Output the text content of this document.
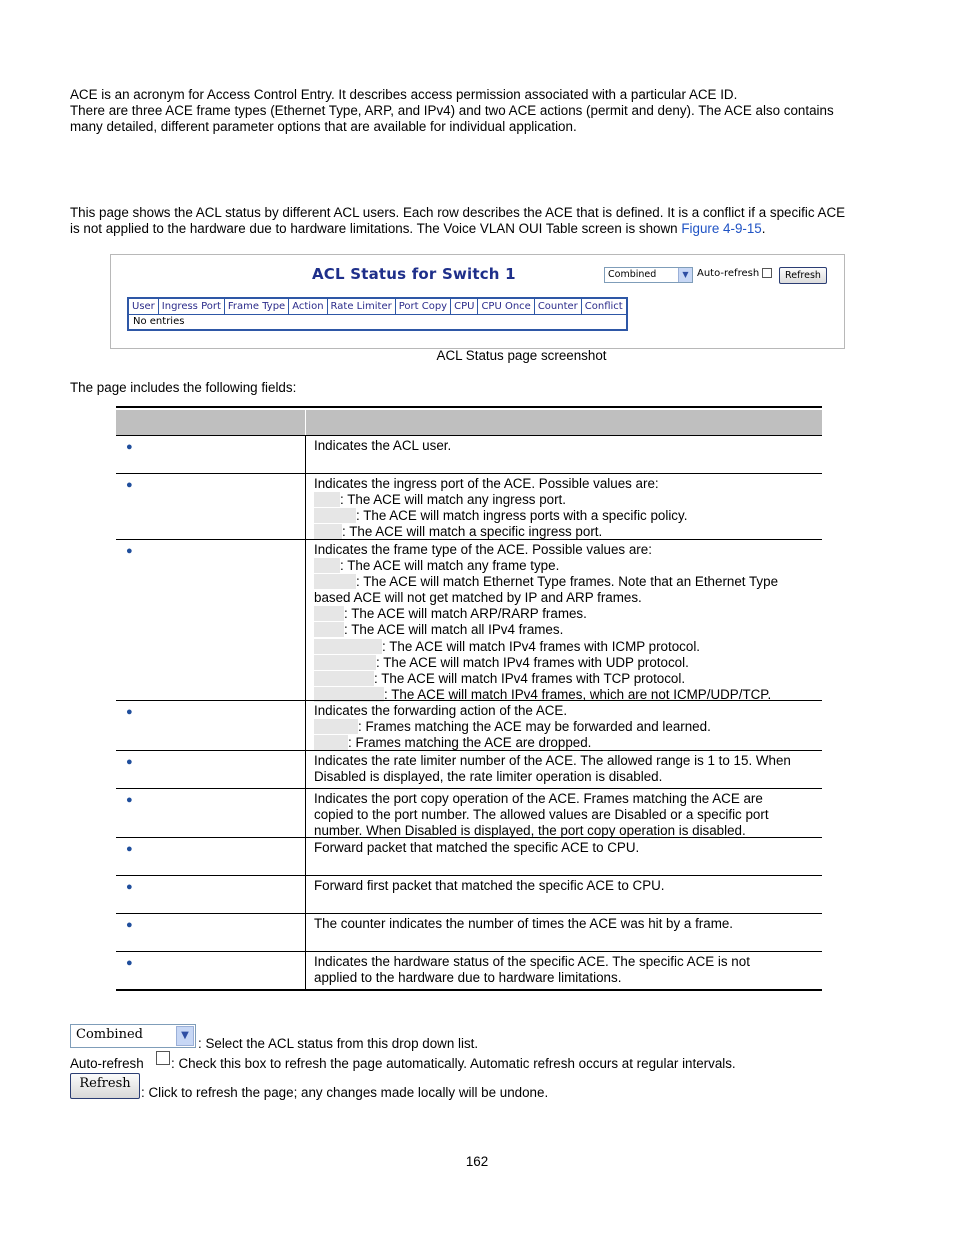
ACE is an acronym for Access Control Entry. It describes access permission associated with a particular ACE ID.
There are three ACE frame types (Ethernet Type, ARP, and IPv4) and two ACE actions (permit and deny). The ACE also contains
many detailed, different parameter options that are available for individual application.
This page shows the ACL status by different ACL users. Each row describes the ACE that is defined. It is a conflict if a specific ACE
is not applied to the hardware due to hardware limitations. The Voice VLAN OUI Table screen is shown Figure 4-9-15.
ACL Status for Switch 1	Combined	▼ Auto-refresh	Refresh
User	Ingress Port	Frame Type	Action	Rate Limiter	Port Copy	CPU	CPU Once	Counter	Conflict
No entries
ACL Status page screenshot
The page includes the following fields:
●	Indicates the ACL user.
●	Indicates the ingress port of the ACE. Possible values are:
: The ACE will match any ingress port.
: The ACE will match ingress ports with a specific policy.
: The ACE will match a specific ingress port.
●	Indicates the frame type of the ACE. Possible values are:
: The ACE will match any frame type.
: The ACE will match Ethernet Type frames. Note that an Ethernet Type
based ACE will not get matched by IP and ARP frames.
: The ACE will match ARP/RARP frames.
: The ACE will match all IPv4 frames.
: The ACE will match IPv4 frames with ICMP protocol.
: The ACE will match IPv4 frames with UDP protocol.
: The ACE will match IPv4 frames with TCP protocol.
: The ACE will match IPv4 frames, which are not ICMP/UDP/TCP.
●	Indicates the forwarding action of the ACE.
: Frames matching the ACE may be forwarded and learned.
: Frames matching the ACE are dropped.
●	Indicates the rate limiter number of the ACE. The allowed range is 1 to 15. When
Disabled is displayed, the rate limiter operation is disabled.
●	Indicates the port copy operation of the ACE. Frames matching the ACE are
copied to the port number. The allowed values are Disabled or a specific port
number. When Disabled is displayed, the port copy operation is disabled.
●	Forward packet that matched the specific ACE to CPU.
●	Forward first packet that matched the specific ACE to CPU.
●	The counter indicates the number of times the ACE was hit by a frame.
●	Indicates the hardware status of the specific ACE. The specific ACE is not
applied to the hardware due to hardware limitations.
Combined	▼
: Select the ACL status from this drop down list.
Auto-refresh : Check this box to refresh the page automatically. Automatic refresh occurs at regular intervals.
Refresh
: Click to refresh the page; any changes made locally will be undone.
162
